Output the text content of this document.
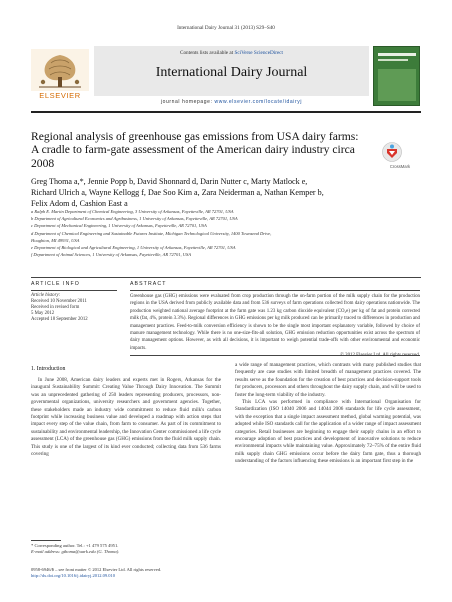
International Dairy Journal 31 (2013) S29–S40
ELSEVIER
Contents lists available at SciVerse ScienceDirect
International Dairy Journal
journal homepage: www.elsevier.com/locate/idairyj
Regional analysis of greenhouse gas emissions from USA dairy farms: A cradle to farm-gate assessment of the American dairy industry circa 2008	CrossMark
Greg Thoma a,*, Jennie Popp b, David Shonnard d, Darin Nutter c, Marty Matlock e,
Richard Ulrich a, Wayne Kellogg f, Dae Soo Kim a, Zara Neiderman a, Nathan Kemper b,
Felix Adom d, Cashion East a
a Ralph E. Martin Department of Chemical Engineering, 3 University of Arkansas, Fayetteville, AR 72701, USA
b Department of Agricultural Economics and Agribusiness, 1 University of Arkansas, Fayetteville, AR 72701, USA
c Department of Mechanical Engineering, 1 University of Arkansas, Fayetteville, AR 72701, USA
d Department of Chemical Engineering and Sustainable Futures Institute, Michigan Technological University, 1400 Townsend Drive,
Houghton, MI 49931, USA
e Department of Biological and Agricultural Engineering, 1 University of Arkansas, Fayetteville, AR 72701, USA
f Department of Animal Sciences, 1 University of Arkansas, Fayetteville, AR 72701, USA
ARTICLE INFO	ABSTRACT
Article history:
Received 10 November 2011
Received in revised form
5 May 2012
Accepted 18 September 2012
Greenhouse gas (GHG) emissions were evaluated from crop production through the on-farm portion of the milk supply chain for the production regions in the USA derived from publicly available data and from 536 surveys of farm operations collected from dairy operations nationwide. The production weighted national average footprint at the farm gate was 1.23 kg carbon dioxide equivalent (CO₂e) per kg of fat and protein corrected milk (fat, 4%, protein 3.3%). Regional differences in GHG emissions per kg milk produced can be primarily traced to differences in production and management practices. Feed-to-milk conversion efficiency is shown to be the single most important explanatory variable, followed by choice of manure management technology. While there is no one-size-fits-all solution, GHG emission reduction opportunities exist across the spectrum of dairy management options. However, as with all decisions, it is important to weigh potential trade-offs with other environmental and economic impacts.
© 2012 Elsevier Ltd. All rights reserved.
1. Introduction

In June 2008, American dairy leaders and experts met in Rogers, Arkansas for the inaugural Sustainability Summit: Creating Value Through Dairy Innovation. The Summit was an unprecedented gathering of 250 leaders representing producers, processors, non-governmental organizations, university researchers and government agencies. Together, these stakeholders made an industry wide commitment to reduce fluid milk's carbon footprint while increasing business value and developed a roadmap with action steps that impact every step of the value chain, from farm to consumer. As part of its commitment to sustainability and environmental leadership, the Innovation Center commissioned a life cycle assessment (LCA) of the greenhouse gas (GHG) emissions from the fluid milk supply chain. This study is one of the largest of its kind ever conducted; collecting data from 536 farms covering

a wide range of management practices, which contrasts with many published studies that frequently are case studies with limited breadth of management practices covered. The results serve as the foundation for the creation of best practices and decision-support tools for producers, processors and others throughout the dairy supply chain, and will be used to foster the long-term viability of the industry.

This LCA was performed in compliance with International Organisation for Standardization (ISO 14040 2006 and 14044 2006 standards for life cycle assessment, with the exception that a single impact assessment method, global warming potential, was adopted while ISO standards call for the application of a wider range of impact assessment categories. Retail businesses are beginning to engage their supply chains in an effort to encourage adoption of best practices and development of innovative solutions to reduce environmental impacts while maintaining value. Approximately 72–75% of the entire fluid milk supply chain GHG emissions occur before the dairy farm gate, thus a thorough understanding of the factors influencing these emissions is an important first step in the

* Corresponding author. Tel.: +1 479 575 4951.
E-mail address: gthoma@uark.edu (G. Thoma).
0958-6946/$ – see front matter © 2012 Elsevier Ltd. All rights reserved.
http://dx.doi.org/10.1016/j.idairyj.2012.09.010
